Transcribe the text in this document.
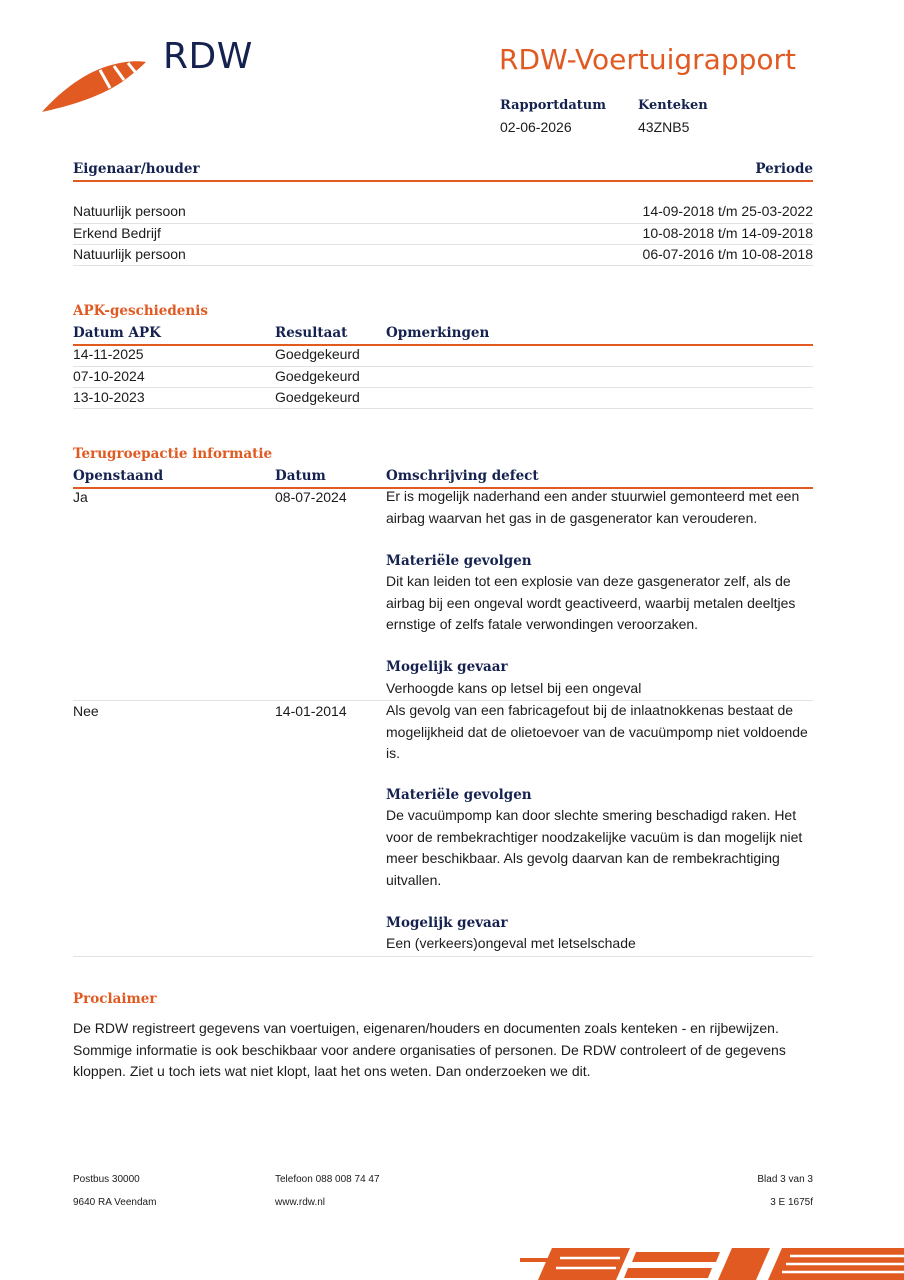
RDW	RDW-Voertuigrapport
Rapportdatum
02-06-2026
Kenteken
43ZNB5
Eigenaar/houder	Periode
Natuurlijk persoon	14-09-2018 t/m 25-03-2022
Erkend Bedrijf	10-08-2018 t/m 14-09-2018
Natuurlijk persoon	06-07-2016 t/m 10-08-2018
APK-geschiedenis
Datum APK	Resultaat	Opmerkingen
14-11-2025	Goedgekeurd
07-10-2024	Goedgekeurd
13-10-2023	Goedgekeurd
Terugroepactie informatie
Openstaand	Datum	Omschrijving defect
Ja	08-07-2024	Er is mogelijk naderhand een ander stuurwiel gemonteerd met een airbag waarvan het gas in de gasgenerator kan verouderen.
Materiële gevolgen
Dit kan leiden tot een explosie van deze gasgenerator zelf, als de airbag bij een ongeval wordt geactiveerd, waarbij metalen deeltjes ernstige of zelfs fatale verwondingen veroorzaken.
Mogelijk gevaar
Verhoogde kans op letsel bij een ongeval
Nee	14-01-2014	Als gevolg van een fabricagefout bij de inlaatnokkenas bestaat de mogelijkheid dat de olietoevoer van de vacuümpomp niet voldoende is.
Materiële gevolgen
De vacuümpomp kan door slechte smering beschadigd raken. Het voor de rembekrachtiger noodzakelijke vacuüm is dan mogelijk niet meer beschikbaar. Als gevolg daarvan kan de rembekrachtiging uitvallen.
Mogelijk gevaar
Een (verkeers)ongeval met letselschade
Proclaimer
De RDW registreert gegevens van voertuigen, eigenaren/houders en documenten zoals kenteken - en rijbewijzen. Sommige informatie is ook beschikbaar voor andere organisaties of personen. De RDW controleert of de gegevens kloppen. Ziet u toch iets wat niet klopt, laat het ons weten. Dan onderzoeken we dit.
Postbus 30000
9640 RA Veendam
Telefoon 088 008 74 47
www.rdw.nl
Blad 3 van 3
3 E 1675f
